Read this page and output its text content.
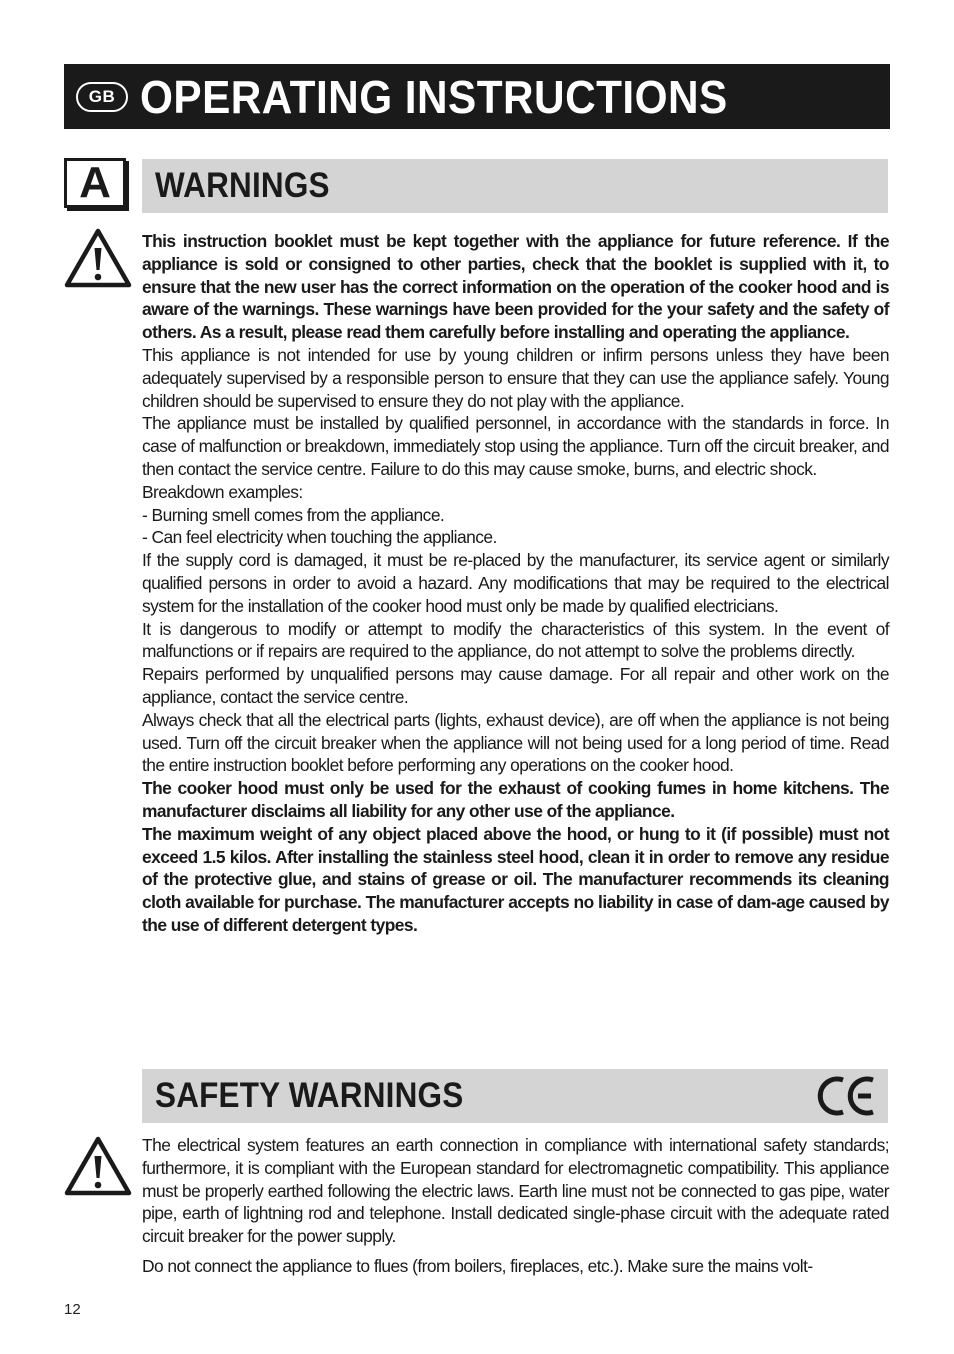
GB OPERATING INSTRUCTIONS
A	WARNINGS

This instruction booklet must be kept together with the appliance for future reference. If the appliance is sold or consigned to other parties, check that the booklet is supplied with it, to ensure that the new user has the correct information on the operation of the cooker hood and is aware of the warnings. These warnings have been provided for the your safety and the safety of others. As a result, please read them carefully before installing and operating the appliance.

This appliance is not intended for use by young children or infirm persons unless they have been adequately supervised by a responsible person to ensure that they can use the appliance safely. Young children should be supervised to ensure they do not play with the appliance.

The appliance must be installed by qualified personnel, in accordance with the standards in force. In case of malfunction or breakdown, immediately stop using the appliance. Turn off the circuit breaker, and then contact the service centre. Failure to do this may cause smoke, burns, and electric shock.

Breakdown examples:

- Burning smell comes from the appliance.

- Can feel electricity when touching the appliance.

If the supply cord is damaged, it must be re-placed by the manufacturer, its service agent or similarly qualified persons in order to avoid a hazard. Any modifications that may be required to the electrical system for the installation of the cooker hood must only be made by qualified electricians.

It is dangerous to modify or attempt to modify the characteristics of this system. In the event of malfunctions or if repairs are required to the appliance, do not attempt to solve the problems directly.

Repairs performed by unqualified persons may cause damage. For all repair and other work on the appliance, contact the service centre.

Always check that all the electrical parts (lights, exhaust device), are off when the appliance is not being used. Turn off the circuit breaker when the appliance will not being used for a long period of time. Read the entire instruction booklet before performing any operations on the cooker hood.

The cooker hood must only be used for the exhaust of cooking fumes in home kitchens. The manufacturer disclaims all liability for any other use of the appliance.

The maximum weight of any object placed above the hood, or hung to it (if possible) must not exceed 1.5 kilos. After installing the stainless steel hood, clean it in order to remove any residue of the protective glue, and stains of grease or oil. The manufacturer recommends its cleaning cloth available for purchase. The manufacturer accepts no liability in case of dam-age caused by the use of different detergent types.

SAFETY WARNINGS

The electrical system features an earth connection in compliance with international safety standards; furthermore, it is compliant with the European standard for electromagnetic compatibility. This appliance must be properly earthed following the electric laws. Earth line must not be connected to gas pipe, water pipe, earth of lightning rod and telephone. Install dedicated single-phase circuit with the adequate rated circuit breaker for the power supply.

Do not connect the appliance to flues (from boilers, fireplaces, etc.). Make sure the mains volt-

12
